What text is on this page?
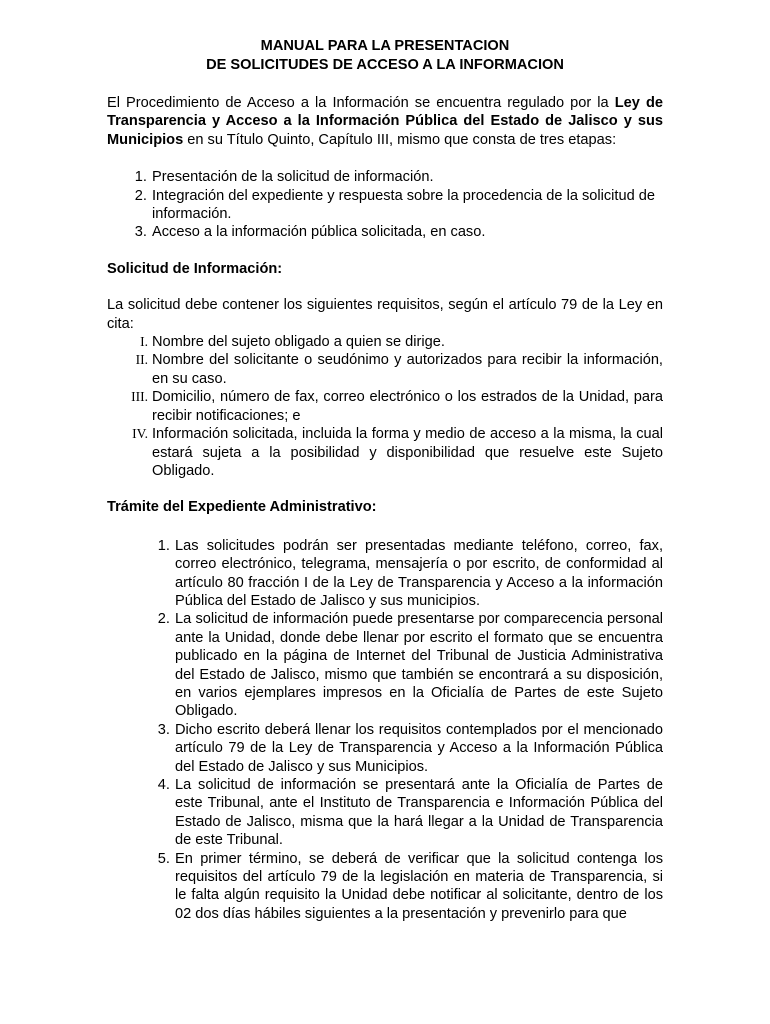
MANUAL PARA LA PRESENTACION
DE SOLICITUDES DE ACCESO A LA INFORMACION

El Procedimiento de Acceso a la Información se encuentra regulado por la Ley de Transparencia y Acceso a la Información Pública del Estado de Jalisco y sus Municipios en su Título Quinto, Capítulo III, mismo que consta de tres etapas:

1. Presentación de la solicitud de información.
2. Integración del expediente y respuesta sobre la procedencia de la solicitud de información.
3. Acceso a la información pública solicitada, en caso.
Solicitud de Información:
La solicitud debe contener los siguientes requisitos, según el artículo 79 de la Ley en cita:
I. Nombre del sujeto obligado a quien se dirige.
II. Nombre del solicitante o seudónimo y autorizados para recibir la información, en su caso.
III. Domicilio, número de fax, correo electrónico o los estrados de la Unidad, para recibir notificaciones; e
IV. Información solicitada, incluida la forma y medio de acceso a la misma, la cual estará sujeta a la posibilidad y disponibilidad que resuelve este Sujeto Obligado.
Trámite del Expediente Administrativo:
1. Las solicitudes podrán ser presentadas mediante teléfono, correo, fax, correo electrónico, telegrama, mensajería o por escrito, de conformidad al artículo 80 fracción I de la Ley de Transparencia y Acceso a la información Pública del Estado de Jalisco y sus municipios.
2. La solicitud de información puede presentarse por comparecencia personal ante la Unidad, donde debe llenar por escrito el formato que se encuentra publicado en la página de Internet del Tribunal de Justicia Administrativa del Estado de Jalisco, mismo que también se encontrará a su disposición, en varios ejemplares impresos en la Oficialía de Partes de este Sujeto Obligado.
3. Dicho escrito deberá llenar los requisitos contemplados por el mencionado artículo 79 de la Ley de Transparencia y Acceso a la Información Pública del Estado de Jalisco y sus Municipios.
4. La solicitud de información se presentará ante la Oficialía de Partes de este Tribunal, ante el Instituto de Transparencia e Información Pública del Estado de Jalisco, misma que la hará llegar a la Unidad de Transparencia de este Tribunal.
5. En primer término, se deberá de verificar que la solicitud contenga los requisitos del artículo 79 de la legislación en materia de Transparencia, si le falta algún requisito la Unidad debe notificar al solicitante, dentro de los 02 dos días hábiles siguientes a la presentación y prevenirlo para que
